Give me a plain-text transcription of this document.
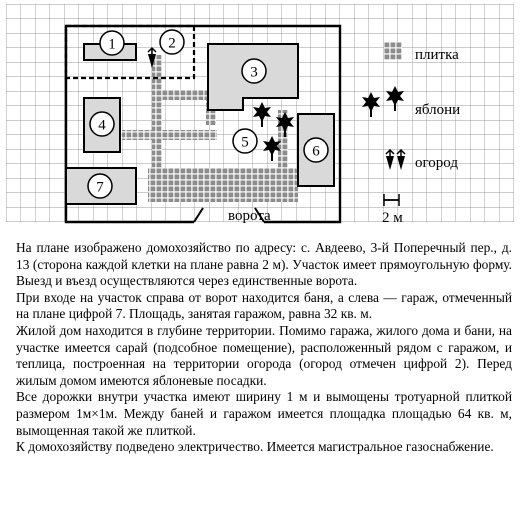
1	2
3
4
5
6
7
ворота
плитка
яблони
огород
2 м

На плане изображено домохозяйство по адресу: с. Авдеево, 3-й Поперечный пер., д. 13 (сторона каждой клетки на плане равна 2 м). Участок имеет прямоугольную форму. Выезд и въезд осуществляются через единственные ворота.

При входе на участок справа от ворот находится баня, а слева — гараж, отмеченный на плане цифрой 7. Площадь, занятая гаражом, равна 32 кв. м.

Жилой дом находится в глубине территории. Помимо гаража, жилого дома и бани, на участке имеется сарай (подсобное помещение), расположенный рядом с гаражом, и теплица, построенная на территории огорода (огород отмечен цифрой 2). Перед жилым домом имеются яблоневые посадки.

Все дорожки внутри участка имеют ширину 1 м и вымощены тротуарной плиткой размером 1м×1м. Между баней и гаражом имеется площадка площадью 64 кв. м, вымощенная такой же плиткой.

К домохозяйству подведено электричество. Имеется магистральное газоснабжение.
